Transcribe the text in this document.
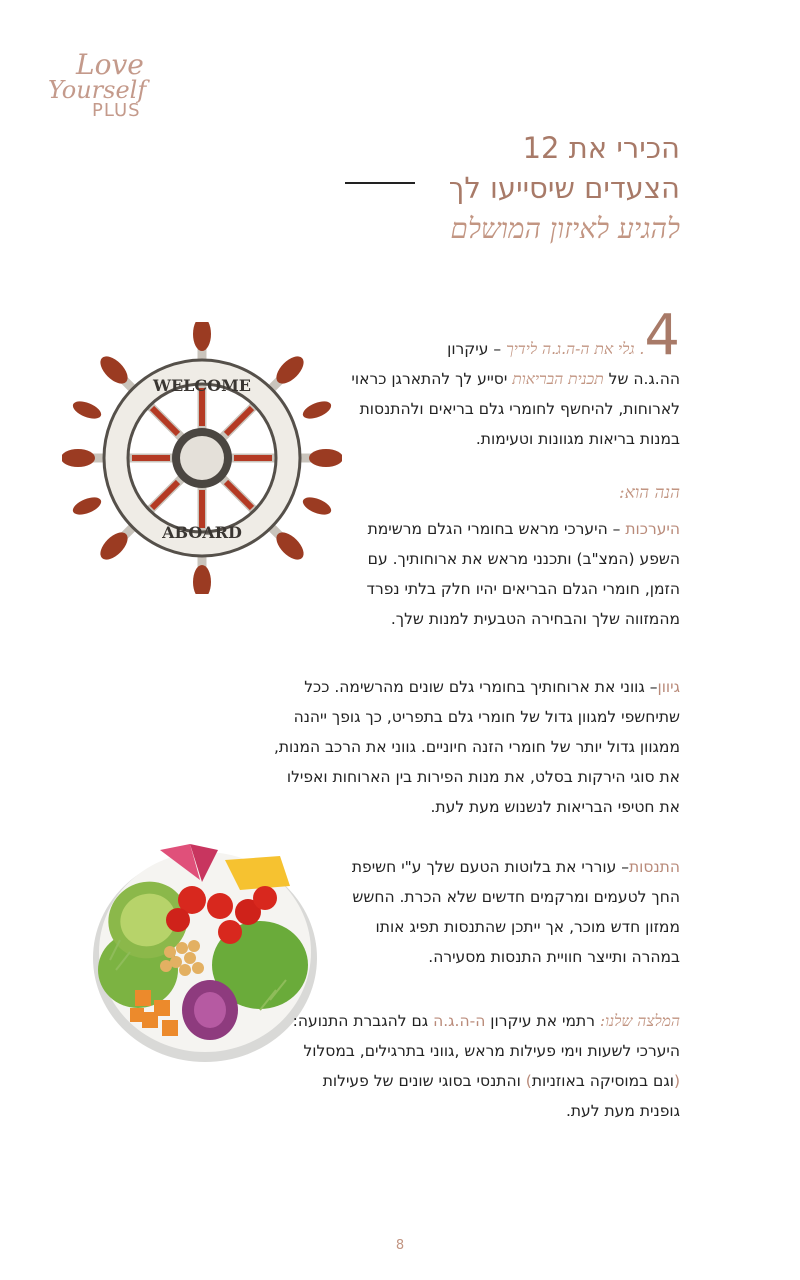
Love
Yourself
PLUS

הכירי את 12

הצעדים שיסייעו לך

להגיע לאיזון המושלם

WELCOME
ABOARD

4. גלי את ה-ה.ג.ה לידיך – עיקרון
הה.ג.ה של תכנית הבריאות יסייע לך להתארגן כראוי לארוחות, להיחשף לחומרי גלם בריאים ולהתנסות במנות בריאות מגוונות וטעימות.

הנה הוא:

היערכות – היערכי מראש בחומרי הגלם מרשימת השפע (המצ"ב) ותכנני מראש את ארוחותיך. עם הזמן, חומרי הגלם הבריאים יהיו חלק בלתי נפרד מהמזווה שלך והבחירה הטבעית למנות שלך.

גיוון– גווני את ארוחותיך בחומרי גלם שונים מהרשימה. ככל שתיחשפי למגוון גדול של חומרי גלם בתפריט, כך גופך ייהנה ממגוון גדול יותר של חומרי הזנה חיוניים. גווני את הרכב המנות, את סוגי הירקות בסלט, את מנות הפירות בין הארוחות ואפילו את חטיפי הבריאות לנשנוש מעת לעת.

התנסות– עוררי את בלוטות הטעם שלך ע"י חשיפת החך לטעמים ומרקמים חדשים שלא הכרת. החשש ממזון חדש מוכר, אך ייתכן שהתנסות תפיג אותו במהרה ותייצר חוויית התנסות מסעירה.

המלצה שלנו: רתמי את עיקרון ה-ה.ג.ה גם להגברת התנועה: היערכי לשעות וימי פעילות מראש ,גווני בתרגילים, במסלול (וגם במוסיקה באוזניות) והתנסי בסוגי שונים של פעילות גופנית מעת לעת.

8
